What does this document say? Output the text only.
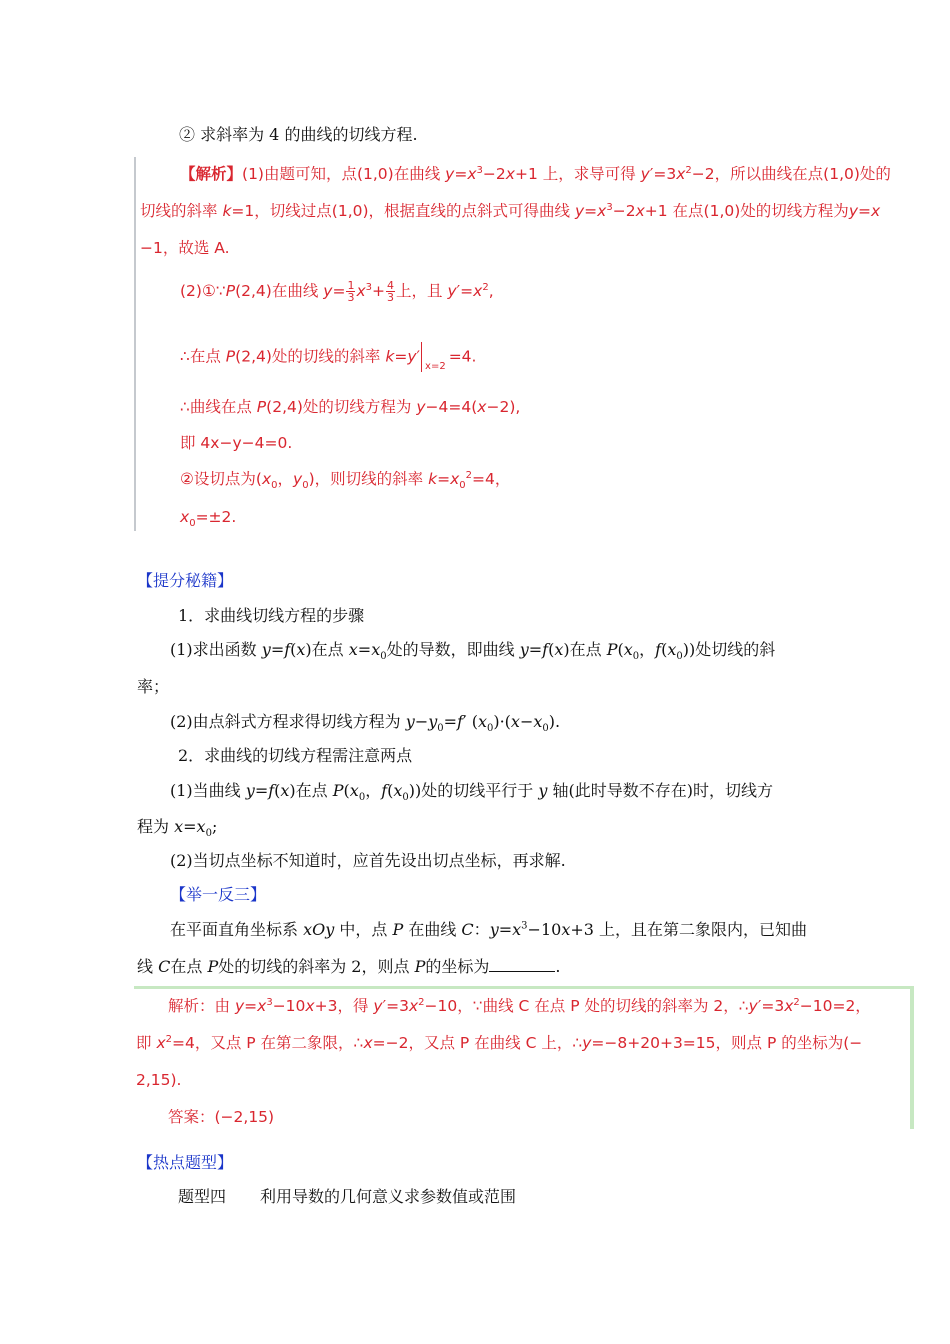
② 求斜率为 4 的曲线的切线方程.
【解析】(1)由题可知，点(1,0)在曲线 $y=x^3-2x+1$ 上，求导可得 $y'=3x^2-2$，所以曲线在点(1,0)处的
切线的斜率 k=1，切线过点(1,0)，根据直线的点斜式可得曲线 $y=x^3-2x+1$ 在点(1,0)处的切线方程为y=x
−1，故选 A.
(2)①∵P(2,4)在曲线 $y= \frac{1}{3} x^3+ \frac{4}{3}$ 上，且 $y'=x^2$,
∴在点 P(2,4)处的切线的斜率 k=y′
x=2
=4.
∴曲线在点 P(2,4)处的切线方程为 y−4=4(x−2),
即 4x−y−4=0.
②设切点为($x_0$，$y_0$)，则切线的斜率 $k=x_0^2=4$，
$x_0=\pm 2$.
【提分秘籍】
1．求曲线切线方程的步骤
(1)求出函数 y=f(x)在点 $x=x_0$处的导数，即曲线 y=f(x)在点 $P(x_0$，$f(x_0)$)处切线的斜
率；
(2)由点斜式方程求得切线方程为 $y-y_0=f'$ $(x_0)\cdot(x-x_0)$.
2．求曲线的切线方程需注意两点
(1)当曲线 y=f(x)在点 $P(x_0$，$f(x_0)$)处的切线平行于 y 轴(此时导数不存在)时，切线方
程为 $x=x_0$;
(2)当切点坐标不知道时，应首先设出切点坐标，再求解.
【举一反三】
在平面直角坐标系 xOy 中，点 P 在曲线 C：$y=x^3-10x+3$ 上，且在第二象限内，已知曲
线 C在点 P处的切线的斜率为 2，则点 P的坐标为	.
解析：由 $y=x^3-10x+3$，得 $y'=3x^2-10$，∵曲线 C 在点 P 处的切线的斜率为 2，$\therefore y'=3x^2-10=2$，
即 $x^2=4$，又点 P 在第二象限，∴x=−2，又点 P 在曲线 C 上，∴y=−8+20+3=15，则点 P 的坐标为(−
2,15).
答案：(−2,15)
【热点题型】
题型四 利用导数的几何意义求参数值或范围
